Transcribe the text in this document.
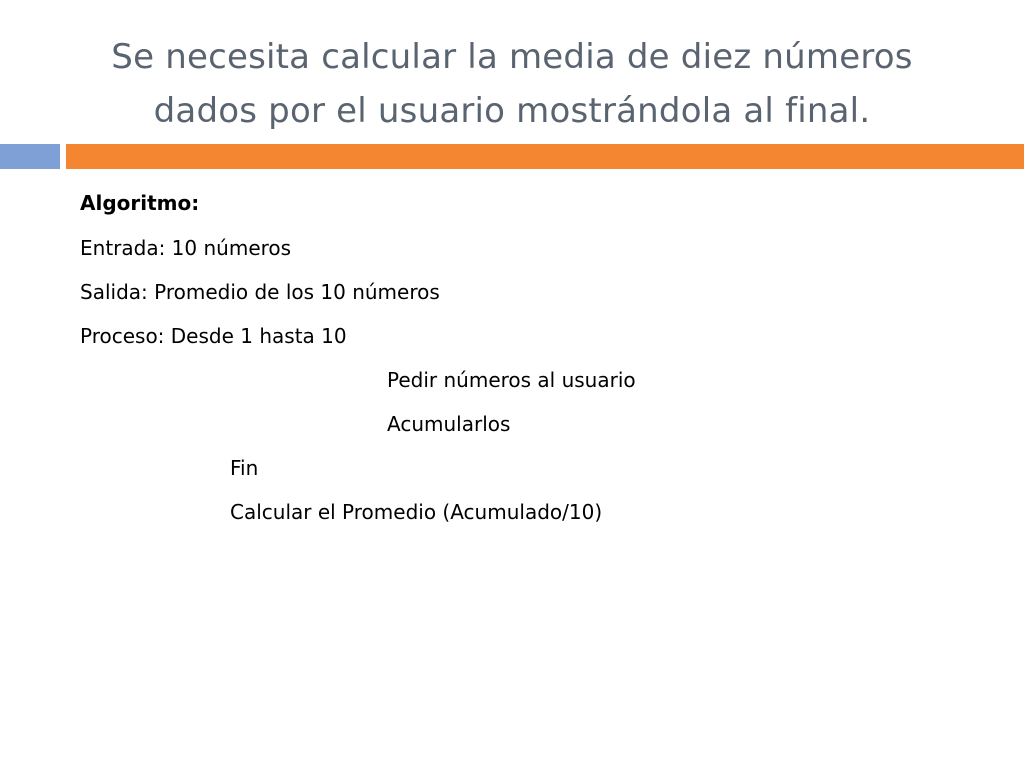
Se necesita calcular la media de diez números
dados por el usuario mostrándola al final.
Algoritmo:
Entrada: 10 números
Salida: Promedio de los 10 números
Proceso: Desde 1 hasta 10
Pedir números al usuario
Acumularlos
Fin
Calcular el Promedio (Acumulado/10)
